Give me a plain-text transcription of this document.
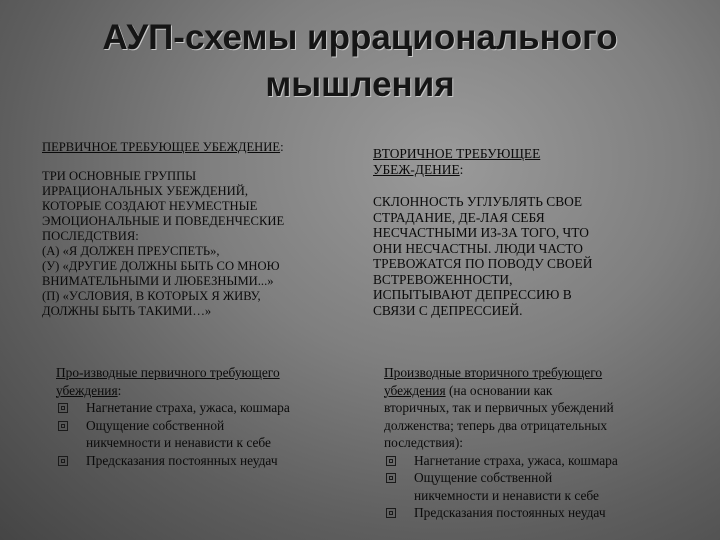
АУП-схемы иррационального
мышления
ПЕРВИЧНОЕ ТРЕБУЮЩЕЕ УБЕЖДЕНИЕ:
ТРИ ОСНОВНЫЕ ГРУППЫ
ИРРАЦИОНАЛЬНЫХ УБЕЖДЕНИЙ,
КОТОРЫЕ СОЗДАЮТ НЕУМЕСТНЫЕ
ЭМОЦИОНАЛЬНЫЕ И ПОВЕДЕНЧЕСКИЕ
ПОСЛЕДСТВИЯ:
(А) «Я ДОЛЖЕН ПРЕУСПЕТЬ»,
(У) «ДРУГИЕ ДОЛЖНЫ БЫТЬ СО МНОЮ
ВНИМАТЕЛЬНЫМИ И ЛЮБЕЗНЫМИ...»
(П) «УСЛОВИЯ, В КОТОРЫХ Я ЖИВУ,
ДОЛЖНЫ БЫТЬ ТАКИМИ…»
ВТОРИЧНОЕ ТРЕБУЮЩЕЕ
УБЕЖ-ДЕНИЕ:
СКЛОННОСТЬ УГЛУБЛЯТЬ СВОЕ
СТРАДАНИЕ, ДЕ-ЛАЯ СЕБЯ
НЕСЧАСТНЫМИ ИЗ-ЗА ТОГО, ЧТО
ОНИ НЕСЧАСТНЫ. ЛЮДИ ЧАСТО
ТРЕВОЖАТСЯ ПО ПОВОДУ СВОЕЙ
ВСТРЕВОЖЕННОСТИ,
ИСПЫТЫВАЮТ ДЕПРЕССИЮ В
СВЯЗИ С ДЕПРЕССИЕЙ.
Про-изводные первичного требующего
убеждения:
Нагнетание страха, ужаса, кошмара
Ощущение собственной
никчемности и ненависти к себе
Предсказания постоянных неудач
Производные вторичного требующего
убеждения (на основании как
вторичных, так и первичных убеждений
долженства; теперь два отрицательных
последствия):
Нагнетание страха, ужаса, кошмара
Ощущение собственной
никчемности и ненависти к себе
Предсказания постоянных неудач
